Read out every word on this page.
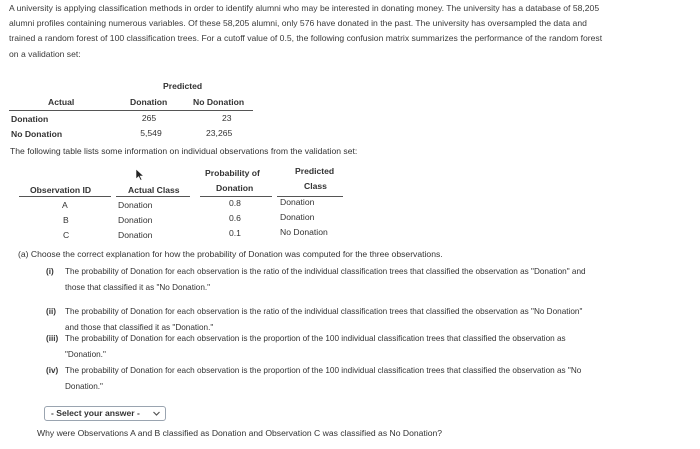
A university is applying classification methods in order to identify alumni who may be interested in donating money. The university has a database of 58,205
alumni profiles containing numerous variables. Of these 58,205 alumni, only 576 have donated in the past. The university has oversampled the data and
trained a random forest of 100 classification trees. For a cutoff value of 0.5, the following confusion matrix summarizes the performance of the random forest
on a validation set:
Predicted
Actual	Donation	No Donation
Donation	265	23
No Donation	5,549	23,265
The following table lists some information on individual observations from the validation set:
Probability of	Predicted
Observation ID	Actual Class	Donation	Class
A	Donation	0.8	Donation
B	Donation	0.6	Donation
C	Donation	0.1	No Donation
(a) Choose the correct explanation for how the probability of Donation was computed for the three observations.
(i) The probability of Donation for each observation is the ratio of the individual classification trees that classified the observation as "Donation" and
those that classified it as "No Donation."
(ii) The probability of Donation for each observation is the ratio of the individual classification trees that classified the observation as "No Donation"
and those that classified it as "Donation."
(iii) The probability of Donation for each observation is the proportion of the 100 individual classification trees that classified the observation as
"Donation."
(iv) The probability of Donation for each observation is the proportion of the 100 individual classification trees that classified the observation as "No
Donation."
- Select your answer -
Why were Observations A and B classified as Donation and Observation C was classified as No Donation?
